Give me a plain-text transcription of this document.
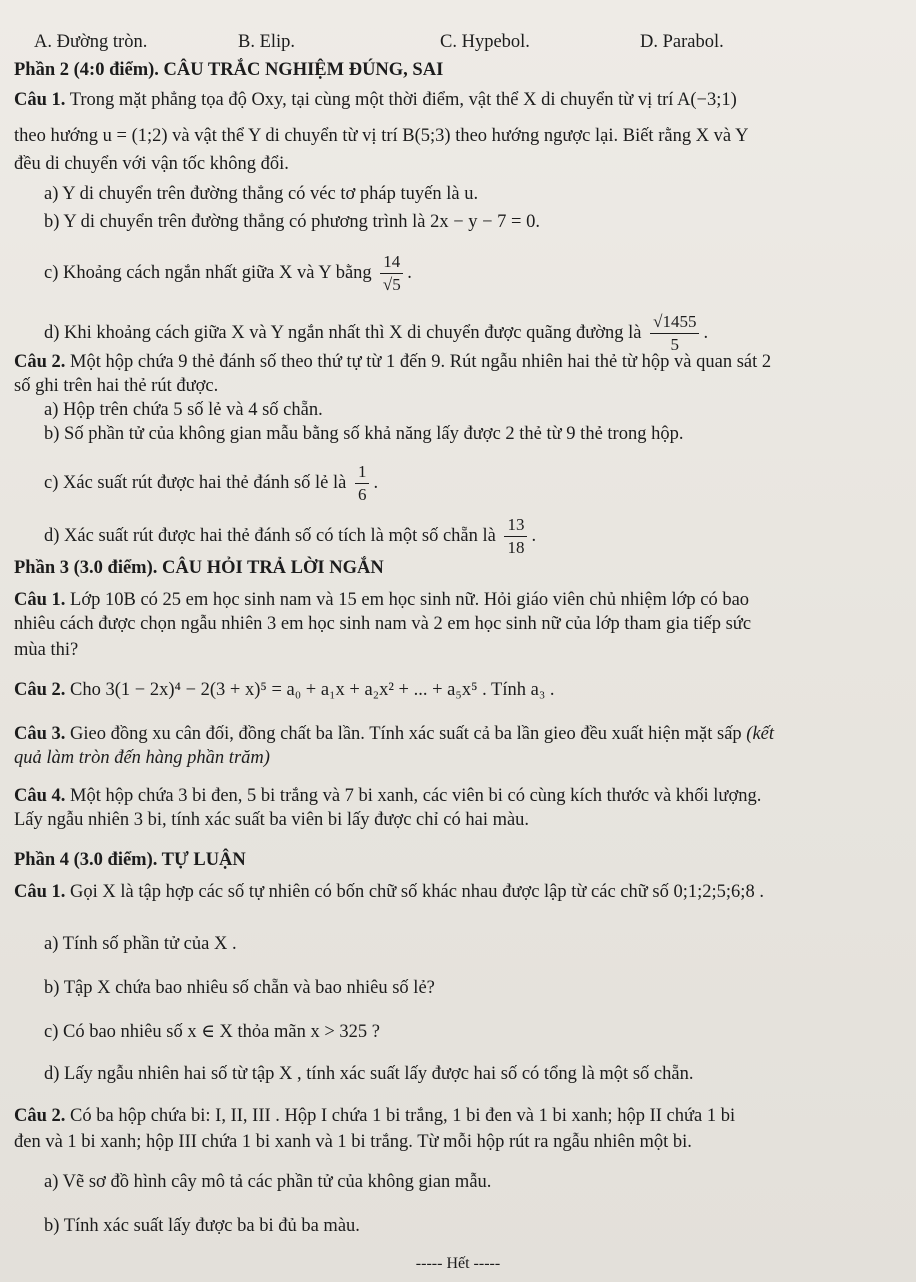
A. Đường tròn.	B. Elip.	C. Hypebol.	D. Parabol.
Phần 2 (4:0 điểm). CÂU TRẮC NGHIỆM ĐÚNG, SAI
Câu 1. Trong mặt phẳng tọa độ Oxy, tại cùng một thời điểm, vật thể X di chuyển từ vị trí A(−3;1)
theo hướng u = (1;2) và vật thể Y di chuyển từ vị trí B(5;3) theo hướng ngược lại. Biết rằng X và Y
đều di chuyển với vận tốc không đổi.
a) Y di chuyển trên đường thẳng có véc tơ pháp tuyến là u.
b) Y di chuyển trên đường thẳng có phương trình là 2x − y − 7 = 0.
c) Khoảng cách ngắn nhất giữa X và Y bằng $\frac{14}{√5}$ .
d) Khi khoảng cách giữa X và Y ngắn nhất thì X di chuyển được quãng đường là $\frac{√1455}{5}$ .
Câu 2. Một hộp chứa 9 thẻ đánh số theo thứ tự từ 1 đến 9. Rút ngẫu nhiên hai thẻ từ hộp và quan sát 2
số ghi trên hai thẻ rút được.
a) Hộp trên chứa 5 số lẻ và 4 số chẵn.
b) Số phần tử của không gian mẫu bằng số khả năng lấy được 2 thẻ từ 9 thẻ trong hộp.
c) Xác suất rút được hai thẻ đánh số lẻ là $\frac{1}{6}$ .
d) Xác suất rút được hai thẻ đánh số có tích là một số chẵn là $\frac{13}{18}$ .
Phần 3 (3.0 điểm). CÂU HỎI TRẢ LỜI NGẮN
Câu 1. Lớp 10B có 25 em học sinh nam và 15 em học sinh nữ. Hỏi giáo viên chủ nhiệm lớp có bao
nhiêu cách được chọn ngẫu nhiên 3 em học sinh nam và 2 em học sinh nữ của lớp tham gia tiếp sức
mùa thi?
Câu 2. Cho 3(1 − 2x)⁴ − 2(3 + x)⁵ = a₀ + a₁x + a₂x² + ... + a₅x⁵ . Tính a₃ .
Câu 3. Gieo đồng xu cân đối, đồng chất ba lần. Tính xác suất cả ba lần gieo đều xuất hiện mặt sấp (kết
quả làm tròn đến hàng phần trăm)
Câu 4. Một hộp chứa 3 bi đen, 5 bi trắng và 7 bi xanh, các viên bi có cùng kích thước và khối lượng.
Lấy ngẫu nhiên 3 bi, tính xác suất ba viên bi lấy được chỉ có hai màu.
Phần 4 (3.0 điểm). TỰ LUẬN
Câu 1. Gọi X là tập hợp các số tự nhiên có bốn chữ số khác nhau được lập từ các chữ số 0;1;2;5;6;8 .
a) Tính số phần tử của X .
b) Tập X chứa bao nhiêu số chẵn và bao nhiêu số lẻ?
c) Có bao nhiêu số x ∈ X thỏa mãn x > 325 ?
d) Lấy ngẫu nhiên hai số từ tập X , tính xác suất lấy được hai số có tổng là một số chẵn.
Câu 2. Có ba hộp chứa bi: I, II, III . Hộp I chứa 1 bi trắng, 1 bi đen và 1 bi xanh; hộp II chứa 1 bi
đen và 1 bi xanh; hộp III chứa 1 bi xanh và 1 bi trắng. Từ mỗi hộp rút ra ngẫu nhiên một bi.
a) Vẽ sơ đồ hình cây mô tả các phần tử của không gian mẫu.
b) Tính xác suất lấy được ba bi đủ ba màu.
----- Hết -----
